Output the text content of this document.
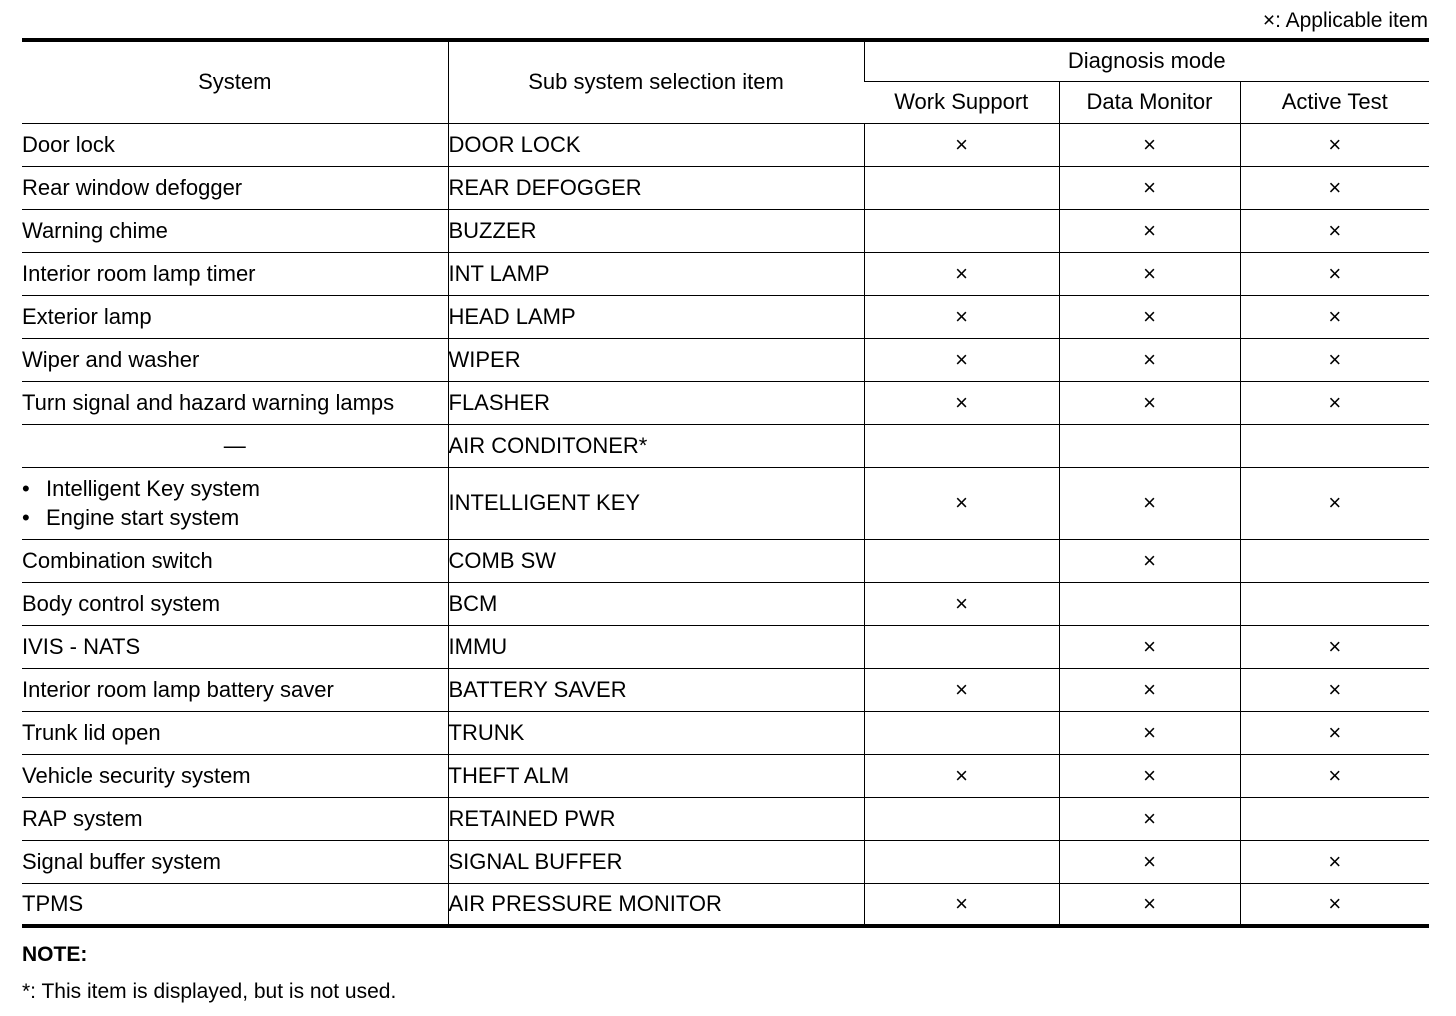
×: Applicable item
System	Sub system selection item	Diagnosis mode		
		Work Support	Data Monitor	Active Test
Door lock	DOOR LOCK	×	×	×
Rear window defogger	REAR DEFOGGER		×	×
Warning chime	BUZZER		×	×
Interior room lamp timer	INT LAMP	×	×	×
Exterior lamp	HEAD LAMP	×	×	×
Wiper and washer	WIPER	×	×	×
Turn signal and hazard warning lamps	FLASHER	×	×	×
—	AIR CONDITONER*			

• Intelligent Key system
• Engine start system	INTELLIGENT KEY	×	×	×
Combination switch	COMB SW		×	
Body control system	BCM	×		
IVIS - NATS	IMMU		×	×
Interior room lamp battery saver	BATTERY SAVER	×	×	×
Trunk lid open	TRUNK		×	×
Vehicle security system	THEFT ALM	×	×	×
RAP system	RETAINED PWR		×	
Signal buffer system	SIGNAL BUFFER		×	×
TPMS	AIR PRESSURE MONITOR	×	×	×
NOTE:
*: This item is displayed, but is not used.
